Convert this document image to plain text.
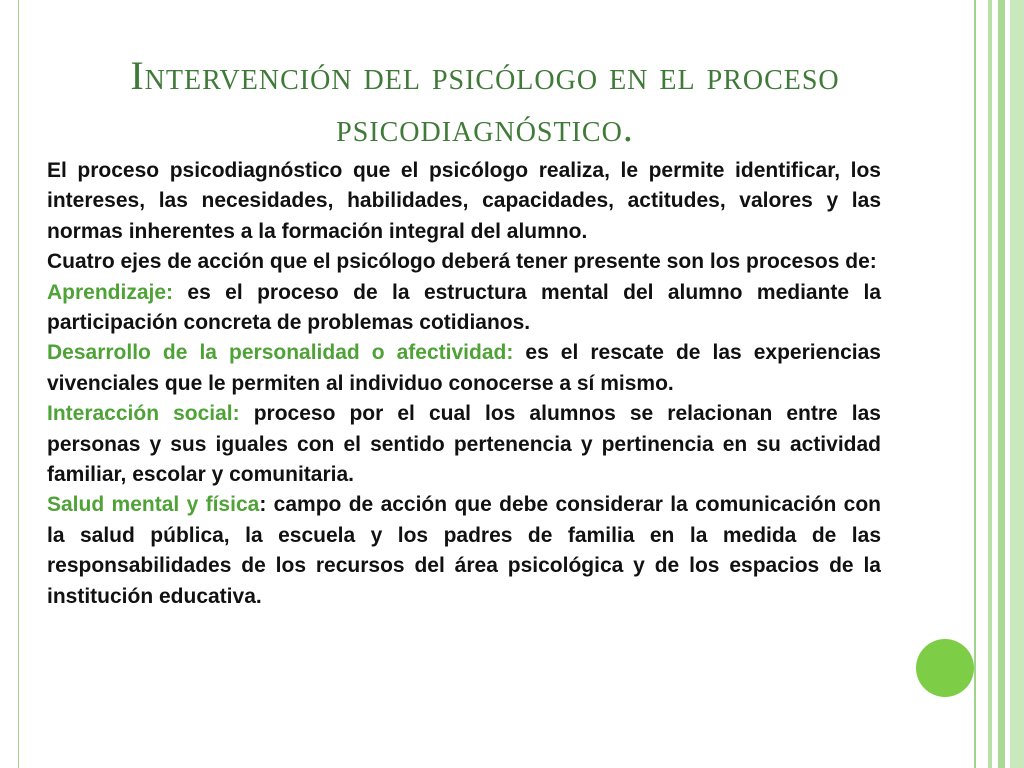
Intervención del psicólogo en el proceso psicodiagnóstico.

El proceso psicodiagnóstico que el psicólogo realiza, le permite identificar, los intereses, las necesidades, habilidades, capacidades, actitudes, valores y las normas inherentes a la formación integral del alumno.

Cuatro ejes de acción que el psicólogo deberá tener presente son los procesos de:

Aprendizaje: es el proceso de la estructura mental del alumno mediante la participación concreta de problemas cotidianos.

Desarrollo de la personalidad o afectividad: es el rescate de las experiencias vivenciales que le permiten al individuo conocerse a sí mismo.

Interacción social: proceso por el cual los alumnos se relacionan entre las personas y sus iguales con el sentido pertenencia y pertinencia en su actividad familiar, escolar y comunitaria.

Salud mental y física: campo de acción que debe considerar la comunicación con la salud pública, la escuela y los padres de familia en la medida de las responsabilidades de los recursos del área psicológica y de los espacios de la institución educativa.
